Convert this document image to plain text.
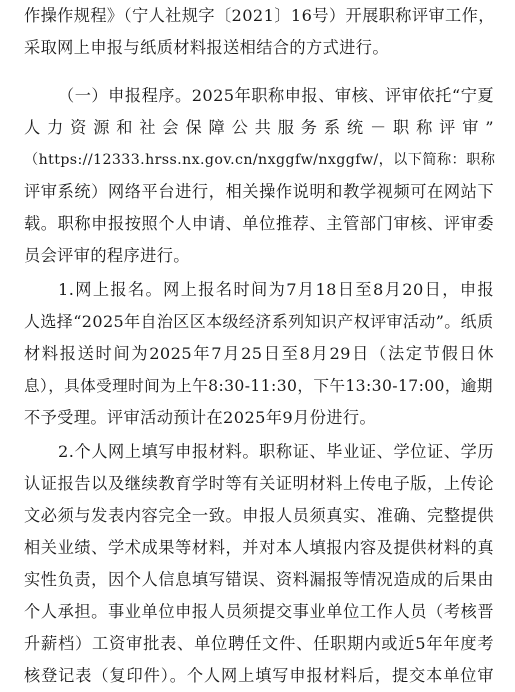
作操作规程》（宁人社规字〔2021〕16号）开展职称评审工作，
采取网上申报与纸质材料报送相结合的方式进行。
（一）申报程序。2025年职称申报、审核、评审依托“宁夏
人力资源和社会保障公共服务系统－职称评审”
（https://12333.hrss.nx.gov.cn/nxggfw/nxggfw/，以下简称：职称
评审系统）网络平台进行，相关操作说明和教学视频可在网站下
载。职称申报按照个人申请、单位推荐、主管部门审核、评审委
员会评审的程序进行。
1.网上报名。网上报名时间为7月18日至8月20日，申报
人选择“2025年自治区区本级经济系列知识产权评审活动”。纸质
材料报送时间为2025年7月25日至8月29日（法定节假日休
息），具体受理时间为上午8:30-11:30，下午13:30-17:00，逾期
不予受理。评审活动预计在2025年9月份进行。
2.个人网上填写申报材料。职称证、毕业证、学位证、学历
认证报告以及继续教育学时等有关证明材料上传电子版，上传论
文必须与发表内容完全一致。申报人员须真实、准确、完整提供
相关业绩、学术成果等材料，并对本人填报内容及提供材料的真
实性负责，因个人信息填写错误、资料漏报等情况造成的后果由
个人承担。事业单位申报人员须提交事业单位工作人员（考核晋
升薪档）工资审批表、单位聘任文件、任职期内或近5年年度考
核登记表（复印件）。个人网上填写申报材料后，提交本单位审
